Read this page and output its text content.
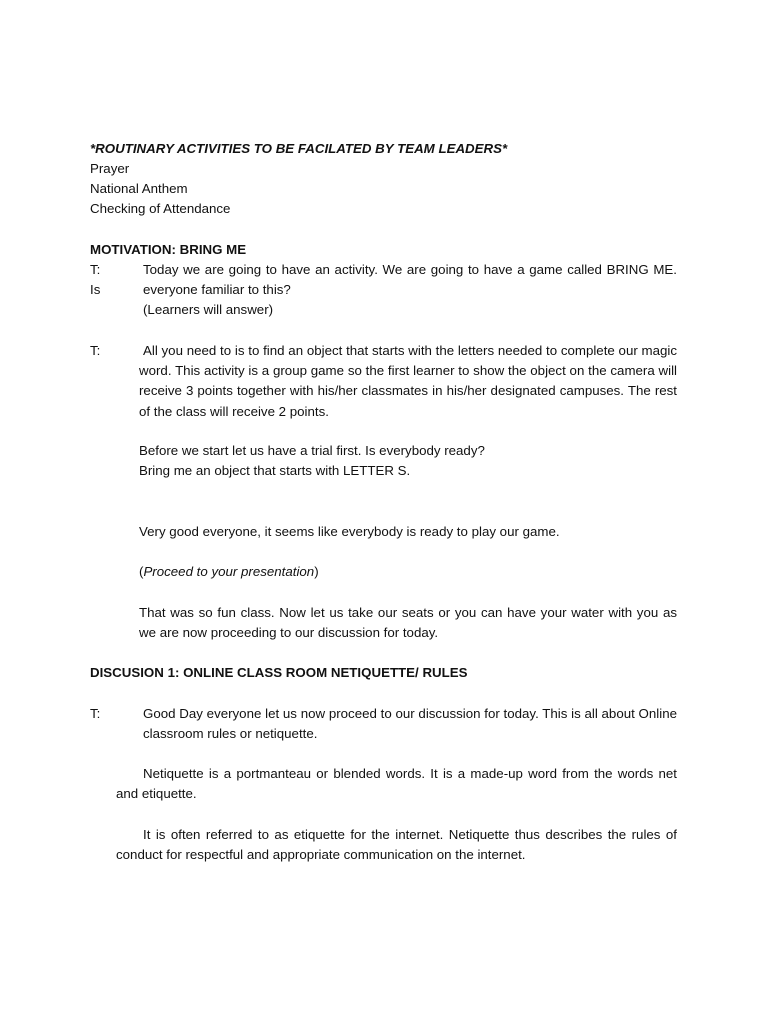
*ROUTINARY ACTIVITIES TO BE FACILATED BY TEAM LEADERS*

Prayer

National Anthem

Checking of Attendance

MOTIVATION: BRING ME

T:	Today we are going to have an activity. We are going to have a game called BRING ME.

Is	everyone familiar to this?

(Learners will answer)

T:	All you need to is to find an object that starts with the letters needed to complete our magic word. This activity is a group game so the first learner to show the object on the camera will receive 3 points together with his/her classmates in his/her designated campuses. The rest of the class will receive 2 points.

Before we start let us have a trial first. Is everybody ready?

Bring me an object that starts with LETTER S.

Very good everyone, it seems like everybody is ready to play our game.

(Proceed to your presentation)

That was so fun class. Now let us take our seats or you can have your water with you as we are now proceeding to our discussion for today.

DISCUSION 1: ONLINE CLASS ROOM NETIQUETTE/ RULES

T:	Good Day everyone let us now proceed to our discussion for today. This is all about Online classroom rules or netiquette.

Netiquette is a portmanteau or blended words. It is a made-up word from the words net and etiquette.

It is often referred to as etiquette for the internet. Netiquette thus describes the rules of conduct for respectful and appropriate communication on the internet.
